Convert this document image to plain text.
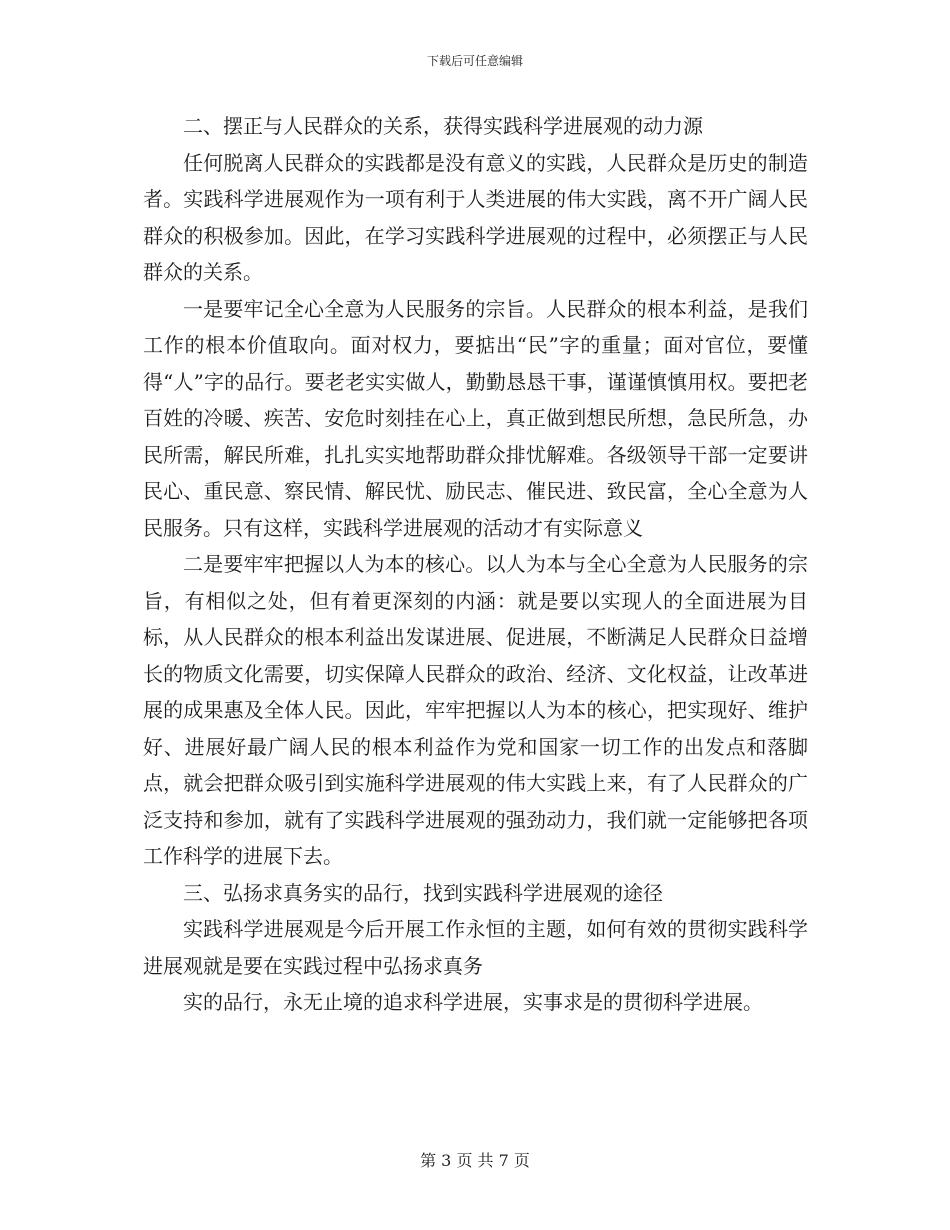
下载后可任意编辑

二、摆正与人民群众的关系，获得实践科学进展观的动力源

任何脱离人民群众的实践都是没有意义的实践，人民群众是历史的制造者。实践科学进展观作为一项有利于人类进展的伟大实践，离不开广阔人民群众的积极参加。因此，在学习实践科学进展观的过程中，必须摆正与人民群众的关系。

一是要牢记全心全意为人民服务的宗旨。人民群众的根本利益，是我们工作的根本价值取向。面对权力，要掂出“民”字的重量；面对官位，要懂得“人”字的品行。要老老实实做人，勤勤恳恳干事，谨谨慎慎用权。要把老百姓的冷暖、疾苦、安危时刻挂在心上，真正做到想民所想，急民所急，办民所需，解民所难，扎扎实实地帮助群众排忧解难。各级领导干部一定要讲民心、重民意、察民情、解民忧、励民志、催民进、致民富，全心全意为人民服务。只有这样，实践科学进展观的活动才有实际意义

二是要牢牢把握以人为本的核心。以人为本与全心全意为人民服务的宗旨，有相似之处，但有着更深刻的内涵：就是要以实现人的全面进展为目标，从人民群众的根本利益出发谋进展、促进展，不断满足人民群众日益增长的物质文化需要，切实保障人民群众的政治、经济、文化权益，让改革进展的成果惠及全体人民。因此，牢牢把握以人为本的核心，把实现好、维护好、进展好最广阔人民的根本利益作为党和国家一切工作的出发点和落脚点，就会把群众吸引到实施科学进展观的伟大实践上来，有了人民群众的广泛支持和参加，就有了实践科学进展观的强劲动力，我们就一定能够把各项工作科学的进展下去。

三、弘扬求真务实的品行，找到实践科学进展观的途径

实践科学进展观是今后开展工作永恒的主题，如何有效的贯彻实践科学进展观就是要在实践过程中弘扬求真务

实的品行，永无止境的追求科学进展，实事求是的贯彻科学进展。

第 3 页 共 7 页
